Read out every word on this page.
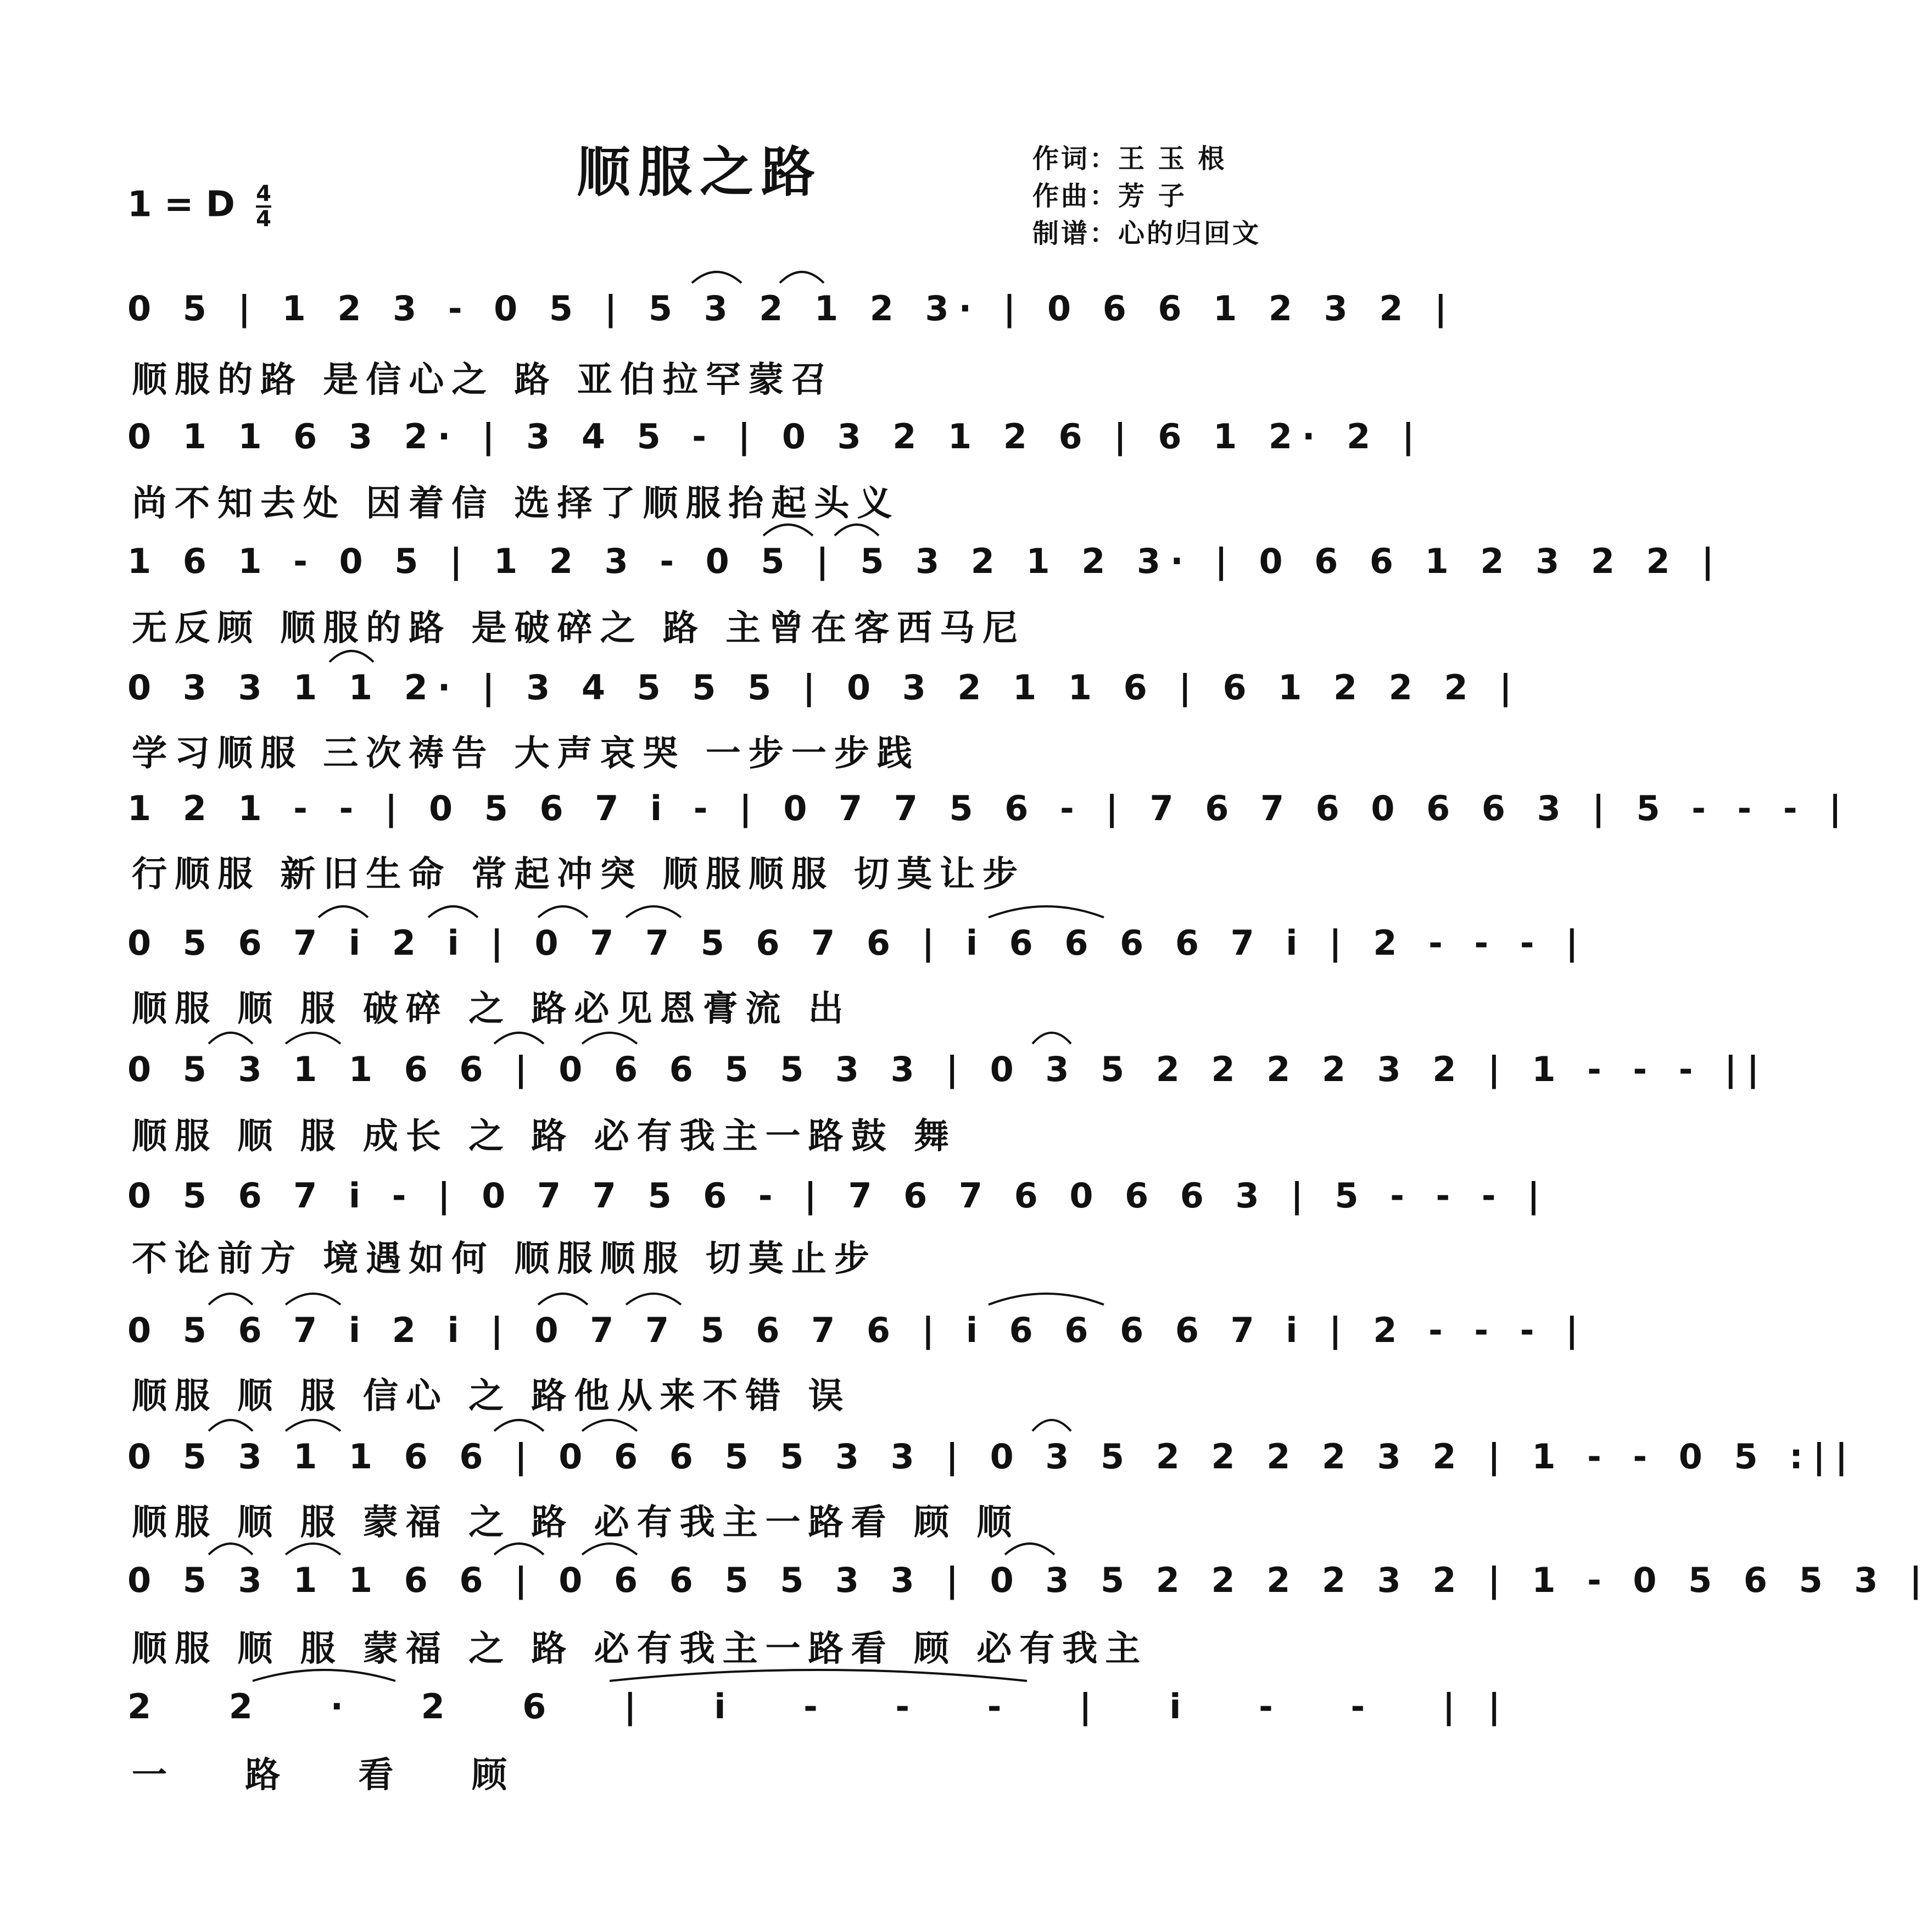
顺服之路
1 = D $\frac{4}{4}$
作词：王 玉 根
作曲：芳 子
制谱：心的归回文
0 5 | 1 2 3 - 0 5 | 5 3 2 1 2 3· | 0 6 6 1 2 3 2 |
顺服的路 是信心之 路 亚伯拉罕蒙召
0 1 1 6 3 2· | 3 4 5 - | 0 3 2 1 2 6 | 6 1 2· 2 |
尚不知去处 因着信 选择了顺服抬起头义
1 6 1 - 0 5 | 1 2 3 - 0 5 | 5 3 2 1 2 3· | 0 6 6 1 2 3 2 2 |
无反顾 顺服的路 是破碎之 路 主曾在客西马尼
0 3 3 1 1 2· | 3 4 5 5 5 | 0 3 2 1 1 6 | 6 1 2 2 2 |
学习顺服 三次祷告 大声哀哭 一步一步践
1 2 1 - - | 0 5 6 7 i - | 0 7 7 5 6 - | 7 6 7 6 0 6 6 3 | 5 - - - |
行顺服 新旧生命 常起冲突 顺服顺服 切莫让步
0 5 6 7 i 2 i | 0 7 7 5 6 7 6 | i 6 6 6 6 7 i | 2 - - - |
顺服 顺 服 破碎 之 路必见恩膏流 出
0 5 3 1 1 6 6 | 0 6 6 5 5 3 3 | 0 3 5 2 2 2 2 3 2 | 1 - - - ||
顺服 顺 服 成长 之 路 必有我主一路鼓 舞
0 5 6 7 i - | 0 7 7 5 6 - | 7 6 7 6 0 6 6 3 | 5 - - - |
不论前方 境遇如何 顺服顺服 切莫止步
0 5 6 7 i 2 i | 0 7 7 5 6 7 6 | i 6 6 6 6 7 i | 2 - - - |
顺服 顺 服 信心 之 路他从来不错 误
0 5 3 1 1 6 6 | 0 6 6 5 5 3 3 | 0 3 5 2 2 2 2 3 2 | 1 - - 0 5 :||
顺服 顺 服 蒙福 之 路 必有我主一路看 顾 顺
0 5 3 1 1 6 6 | 0 6 6 5 5 3 3 | 0 3 5 2 2 2 2 3 2 | 1 - 0 5 6 5 3 |
顺服 顺 服 蒙福 之 路 必有我主一路看 顾 必有我主
2 2 · 2 6 | i - - - | i - - ||
一 路 看 顾
